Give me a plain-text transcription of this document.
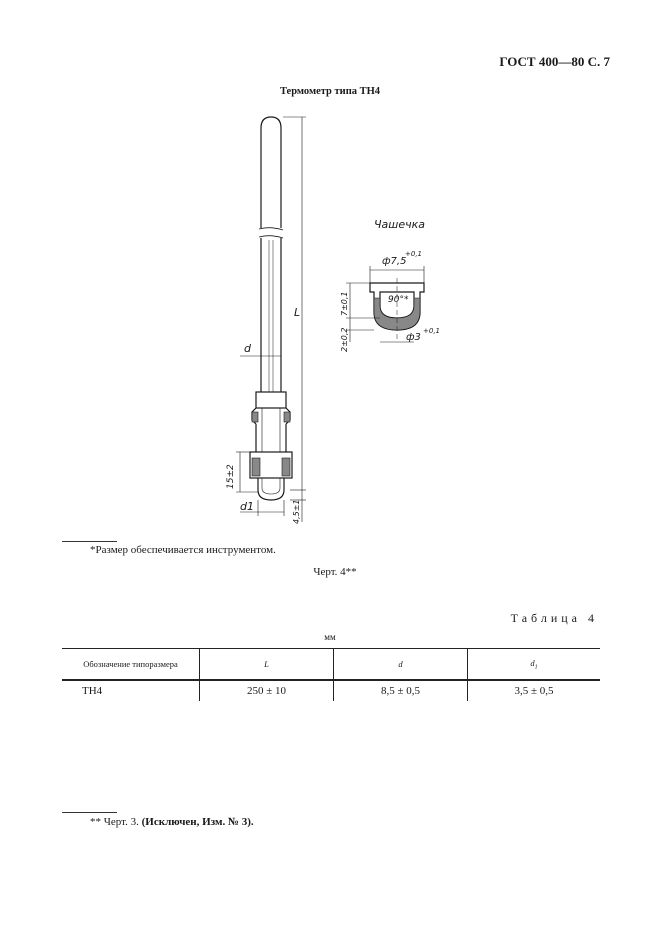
ГОСТ 400—80 С. 7
Термометр типа ТН4
L
d
15±2
d1	4,5±1
Чашечка
ф7,5
+0,1
90°*
7±0,1
2±0,2	ф3
+0,1
*Размер обеспечивается инструментом.
Черт. 4**
Таблица 4
мм
Обозначение типоразмера	L	d	$d_1$
ТН4	250 ± 10	8,5 ± 0,5	3,5 ± 0,5
** Черт. 3. (Исключен, Изм. № 3).
